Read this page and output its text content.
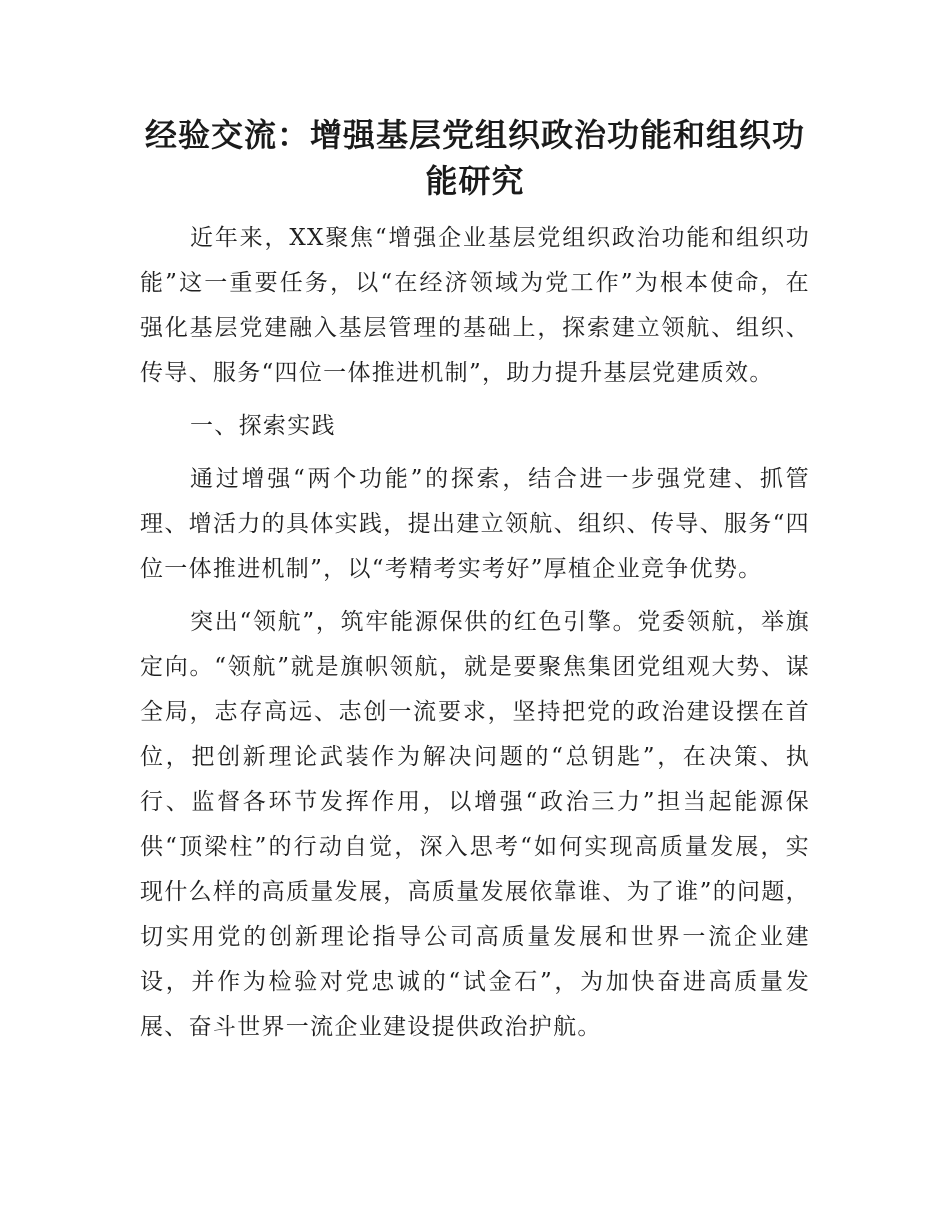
经验交流：增强基层党组织政治功能和组织功能研究

近年来，XX聚焦“增强企业基层党组织政治功能和组织功能”这一重要任务，以“在经济领域为党工作”为根本使命，在强化基层党建融入基层管理的基础上，探索建立领航、组织、传导、服务“四位一体推进机制”，助力提升基层党建质效。

一、探索实践

通过增强“两个功能”的探索，结合进一步强党建、抓管理、增活力的具体实践，提出建立领航、组织、传导、服务“四位一体推进机制”，以“考精考实考好”厚植企业竞争优势。

突出“领航”，筑牢能源保供的红色引擎。党委领航，举旗定向。“领航”就是旗帜领航，就是要聚焦集团党组观大势、谋全局，志存高远、志创一流要求，坚持把党的政治建设摆在首位，把创新理论武装作为解决问题的“总钥匙”，在决策、执行、监督各环节发挥作用，以增强“政治三力”担当起能源保供“顶梁柱”的行动自觉，深入思考“如何实现高质量发展，实现什么样的高质量发展，高质量发展依靠谁、为了谁”的问题，切实用党的创新理论指导公司高质量发展和世界一流企业建设，并作为检验对党忠诚的“试金石”，为加快奋进高质量发展、奋斗世界一流企业建设提供政治护航。
